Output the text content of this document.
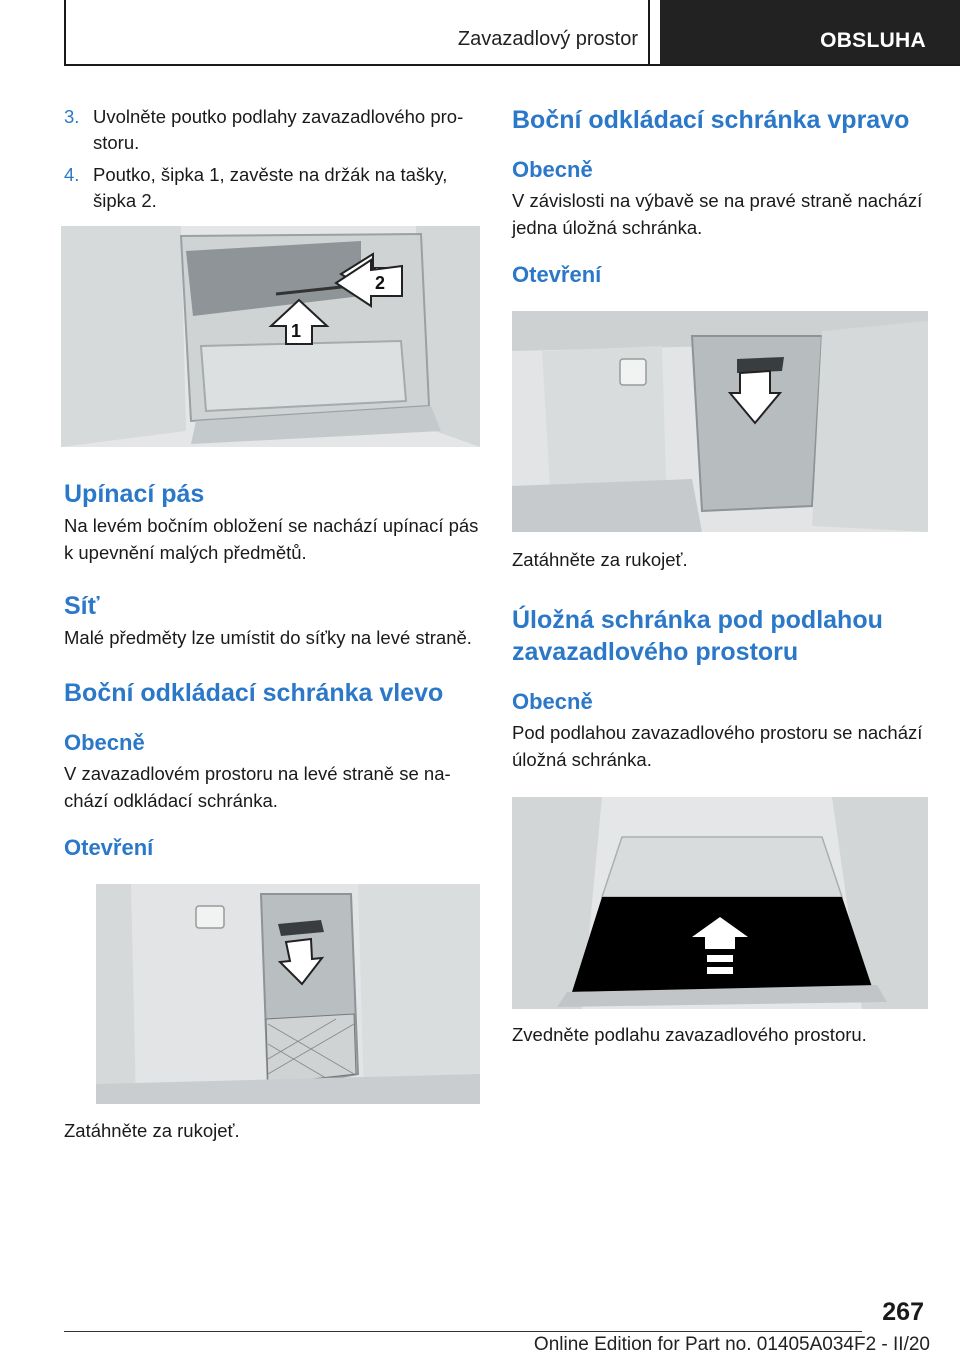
Zavazadlový prostor	OBSLUHA
3. Uvolněte poutko podlahy zavazadlového prostoru.
4. Poutko, šipka 1, zavěste na držák na tašky, šipka 2.
1
2
Upínací pás
Na levém bočním obložení se nachází upínací pás k upevnění malých předmětů.
Síť
Malé předměty lze umístit do síťky na levé straně.
Boční odkládací schránka vlevo
Obecně
V zavazadlovém prostoru na levé straně se nachází odkládací schránka.
Otevření
Zatáhněte za rukojeť.
Boční odkládací schránka vpravo
Obecně
V závislosti na výbavě se na pravé straně nachází jedna úložná schránka.
Otevření
Zatáhněte za rukojeť.
Úložná schránka pod podlahou zavazadlového prostoru
Obecně
Pod podlahou zavazadlového prostoru se nachází úložná schránka.
Zvedněte podlahu zavazadlového prostoru.
267
Online Edition for Part no. 01405A034F2 - II/20
